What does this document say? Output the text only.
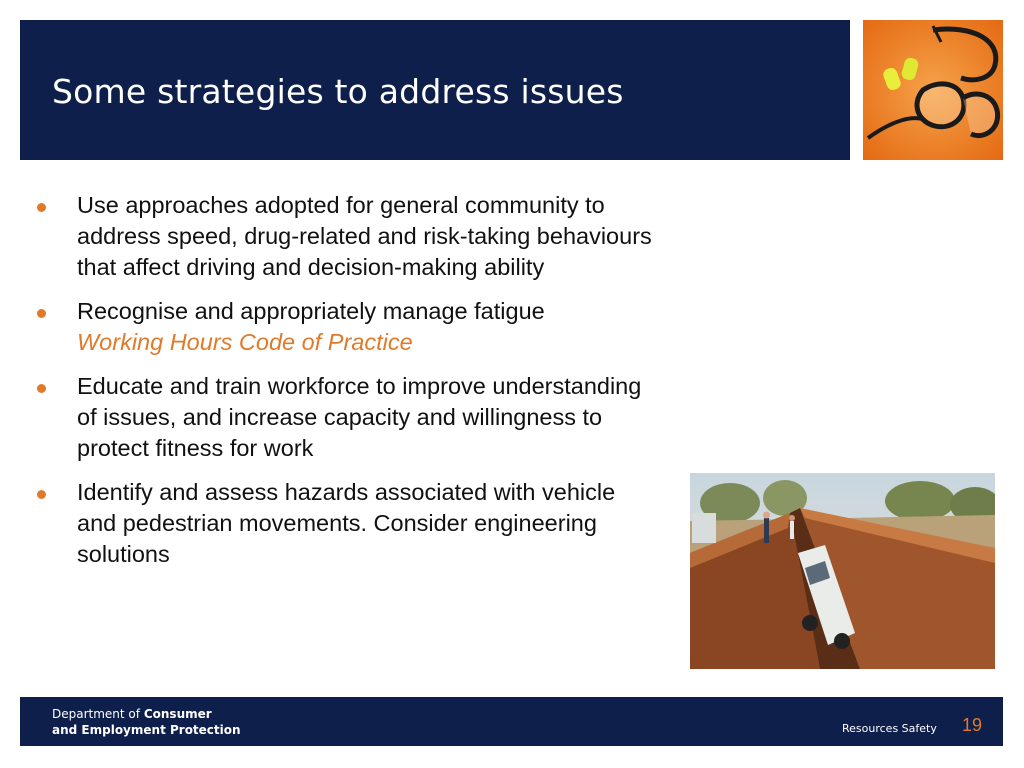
Some strategies to address issues
Use approaches adopted for general community to address speed, drug-related and risk-taking behaviours that affect driving and decision-making ability
Recognise and appropriately manage fatigue
Working Hours Code of Practice
Educate and train workforce to improve understanding of issues, and increase capacity and willingness to protect fitness for work
Identify and assess hazards associated with vehicle and pedestrian movements. Consider engineering solutions
Department of Consumer
and Employment Protection	Resources Safety 19
